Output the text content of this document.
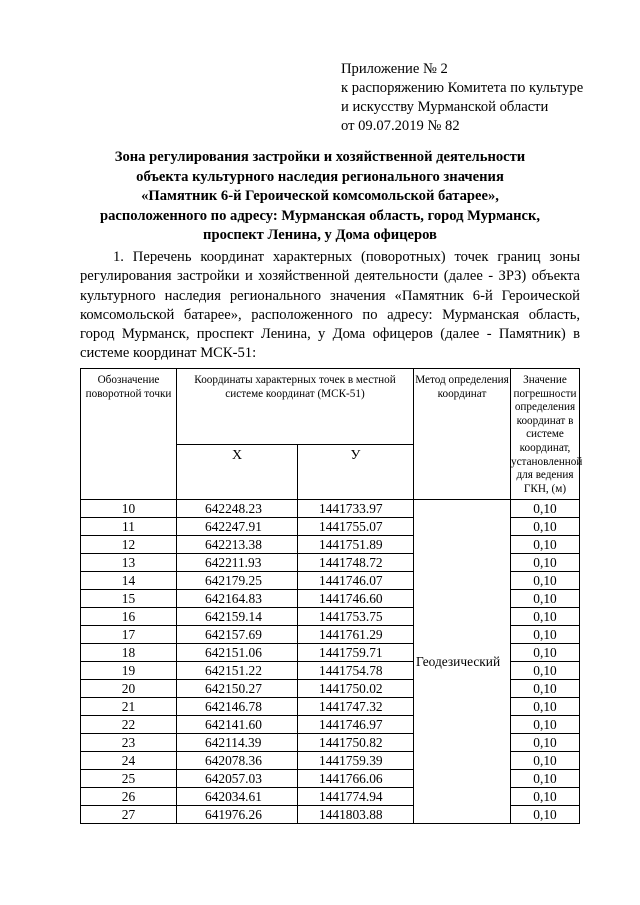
Приложение № 2
к распоряжению Комитета по культуре
и искусству Мурманской области
от 09.07.2019 № 82
Зона регулирования застройки и хозяйственной деятельности
объекта культурного наследия регионального значения
«Памятник 6-й Героической комсомольской батарее»,
расположенного по адресу: Мурманская область, город Мурманск,
проспект Ленина, у Дома офицеров
1. Перечень координат характерных (поворотных) точек границ зоны регулирования застройки и хозяйственной деятельности (далее - ЗРЗ) объекта культурного наследия регионального значения «Памятник 6-й Героической комсомольской батарее», расположенного по адресу: Мурманская область, город Мурманск, проспект Ленина, у Дома офицеров (далее - Памятник) в системе координат МСК-51:
Обозначение поворотной точки	Координаты характерных точек в местной системе координат (МСК-51)		Метод определения координат	Значение погрешности определения координат в системе координат, установленной для ведения ГКН, (м)
	X	У		
10	642248.23	1441733.97	Геодезический	0,10
11	642247.91	1441755.07		0,10
12	642213.38	1441751.89		0,10
13	642211.93	1441748.72		0,10
14	642179.25	1441746.07		0,10
15	642164.83	1441746.60		0,10
16	642159.14	1441753.75		0,10
17	642157.69	1441761.29		0,10
18	642151.06	1441759.71		0,10
19	642151.22	1441754.78		0,10
20	642150.27	1441750.02		0,10
21	642146.78	1441747.32		0,10
22	642141.60	1441746.97		0,10
23	642114.39	1441750.82		0,10
24	642078.36	1441759.39		0,10
25	642057.03	1441766.06		0,10
26	642034.61	1441774.94		0,10
27	641976.26	1441803.88		0,10
